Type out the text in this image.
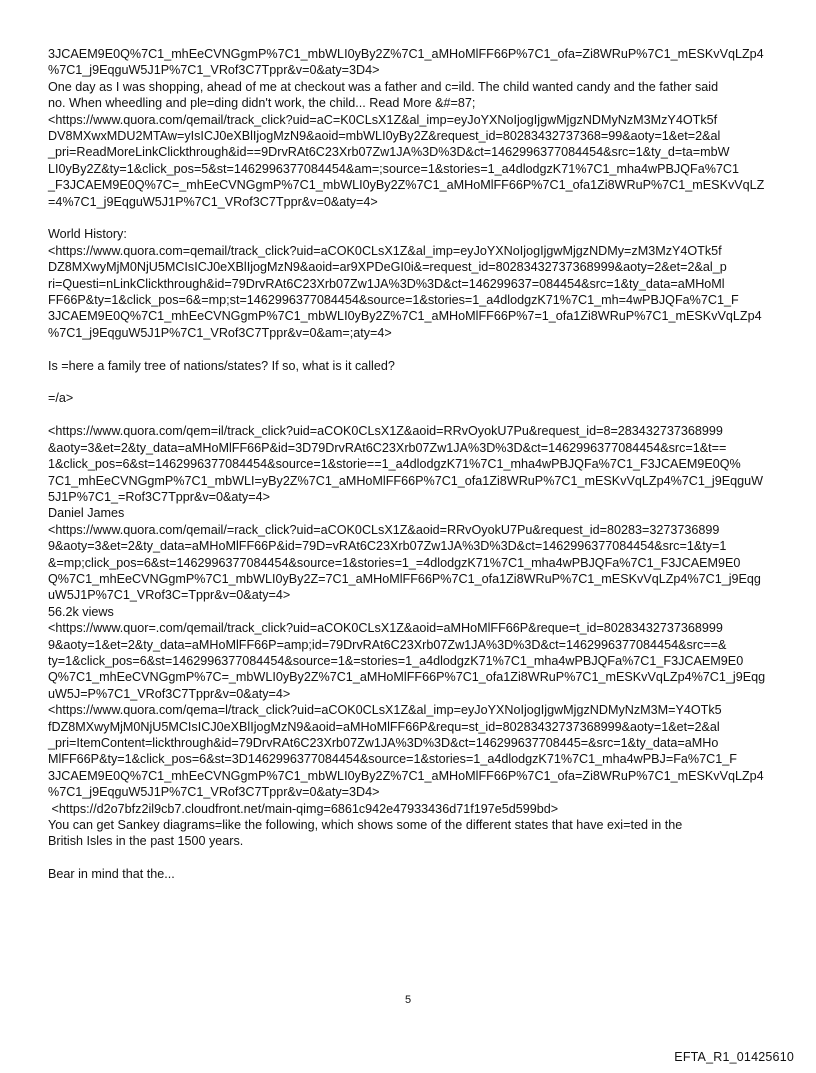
3JCAEM9E0Q%7C1_mhEeCVNGgmP%7C1_mbWLI0yBy2Z%7C1_aMHoMlFF66P%7C1_ofa=Zi8WRuP%7C1_mESKvVqLZp4
%7C1_j9EqguW5J1P%7C1_VRof3C7Tppr&v=0&aty=3D4>
One day as I was shopping, ahead of me at checkout was a father and c=ild. The child wanted candy and the father said
no. When wheedling and ple=ding didn't work, the child... Read More &#=87;
<https://www.quora.com/qemail/track_click?uid=aC=K0CLsX1Z&al_imp=eyJoYXNoIjogIjgwMjgzNDMyNzM3MzY4OTk5f
DV8MXwxMDU2MTAw=yIsICJ0eXBlIjogMzN9&aoid=mbWLI0yBy2Z&request_id=80283432737368=99&aoty=1&et=2&al
_pri=ReadMoreLinkClickthrough&id==9DrvRAt6C23Xrb07Zw1JA%3D%3D&ct=1462996377084454&src=1&ty_d=ta=mbW
LI0yBy2Z&ty=1&click_pos=5&st=1462996377084454&am=;source=1&stories=1_a4dlodgzK71%7C1_mha4wPBJQFa%7C1
_F3JCAEM9E0Q%7C=_mhEeCVNGgmP%7C1_mbWLI0yBy2Z%7C1_aMHoMlFF66P%7C1_ofa1Zi8WRuP%7C1_mESKvVqLZ
=4%7C1_j9EqguW5J1P%7C1_VRof3C7Tppr&v=0&aty=4>
World History:
<https://www.quora.com=qemail/track_click?uid=aCOK0CLsX1Z&al_imp=eyJoYXNoIjogIjgwMjgzNDMy=zM3MzY4OTk5f
DZ8MXwyMjM0NjU5MCIsICJ0eXBlIjogMzN9&aoid=ar9XPDeGI0i&=request_id=80283432737368999&aoty=2&et=2&al_p
ri=Questi=nLinkClickthrough&id=79DrvRAt6C23Xrb07Zw1JA%3D%3D&ct=146299637=084454&src=1&ty_data=aMHoMl
FF66P&ty=1&click_pos=6&=mp;st=1462996377084454&source=1&stories=1_a4dlodgzK71%7C1_mh=4wPBJQFa%7C1_F
3JCAEM9E0Q%7C1_mhEeCVNGgmP%7C1_mbWLI0yBy2Z%7C1_aMHoMlFF66P%7=1_ofa1Zi8WRuP%7C1_mESKvVqLZp4
%7C1_j9EqguW5J1P%7C1_VRof3C7Tppr&v=0&am=;aty=4>
Is =here a family tree of nations/states? If so, what is it called?
=/a>
<https://www.quora.com/qem=il/track_click?uid=aCOK0CLsX1Z&aoid=RRvOyokU7Pu&request_id=8=283432737368999
&aoty=3&et=2&ty_data=aMHoMlFF66P&id=3D79DrvRAt6C23Xrb07Zw1JA%3D%3D&ct=1462996377084454&src=1&t==
1&click_pos=6&st=1462996377084454&source=1&storie==1_a4dlodgzK71%7C1_mha4wPBJQFa%7C1_F3JCAEM9E0Q%
7C1_mhEeCVNGgmP%7C1_mbWLI=yBy2Z%7C1_aMHoMlFF66P%7C1_ofa1Zi8WRuP%7C1_mESKvVqLZp4%7C1_j9EqguW
5J1P%7C1_=Rof3C7Tppr&v=0&aty=4>
Daniel James
<https://www.quora.com/qemail/=rack_click?uid=aCOK0CLsX1Z&aoid=RRvOyokU7Pu&request_id=80283=3273736899
9&aoty=3&et=2&ty_data=aMHoMlFF66P&id=79D=vRAt6C23Xrb07Zw1JA%3D%3D&ct=1462996377084454&src=1&ty=1
&=mp;click_pos=6&st=1462996377084454&source=1&stories=1_=4dlodgzK71%7C1_mha4wPBJQFa%7C1_F3JCAEM9E0
Q%7C1_mhEeCVNGgmP%7C1_mbWLI0yBy2Z=7C1_aMHoMlFF66P%7C1_ofa1Zi8WRuP%7C1_mESKvVqLZp4%7C1_j9Eqg
uW5J1P%7C1_VRof3C=Tppr&v=0&aty=4>
56.2k views
<https://www.quor=.com/qemail/track_click?uid=aCOK0CLsX1Z&aoid=aMHoMlFF66P&reque=t_id=80283432737368999
9&aoty=1&et=2&ty_data=aMHoMlFF66P=amp;id=79DrvRAt6C23Xrb07Zw1JA%3D%3D&ct=1462996377084454&src==&
ty=1&click_pos=6&st=1462996377084454&source=1&=stories=1_a4dlodgzK71%7C1_mha4wPBJQFa%7C1_F3JCAEM9E0
Q%7C1_mhEeCVNGgmP%7C=_mbWLI0yBy2Z%7C1_aMHoMlFF66P%7C1_ofa1Zi8WRuP%7C1_mESKvVqLZp4%7C1_j9Eqg
uW5J=P%7C1_VRof3C7Tppr&v=0&aty=4>
<https://www.quora.com/qema=l/track_click?uid=aCOK0CLsX1Z&al_imp=eyJoYXNoIjogIjgwMjgzNDMyNzM3M=Y4OTk5
fDZ8MXwyMjM0NjU5MCIsICJ0eXBlIjogMzN9&aoid=aMHoMlFF66P&requ=st_id=80283432737368999&aoty=1&et=2&al
_pri=ItemContent=lickthrough&id=79DrvRAt6C23Xrb07Zw1JA%3D%3D&ct=146299637708445=&src=1&ty_data=aMHo
MlFF66P&ty=1&click_pos=6&st=3D1462996377084454&source=1&stories=1_a4dlodgzK71%7C1_mha4wPBJ=Fa%7C1_F
3JCAEM9E0Q%7C1_mhEeCVNGgmP%7C1_mbWLI0yBy2Z%7C1_aMHoMlFF66P%7C1_ofa=Zi8WRuP%7C1_mESKvVqLZp4
%7C1_j9EqguW5J1P%7C1_VRof3C7Tppr&v=0&aty=3D4>
<https://d2o7bfz2il9cb7.cloudfront.net/main-qimg=6861c942e47933436d71f197e5d599bd>
You can get Sankey diagrams=like the following, which shows some of the different states that have exi=ted in the
British Isles in the past 1500 years.
Bear in mind that the...
5
EFTA_R1_01425610
